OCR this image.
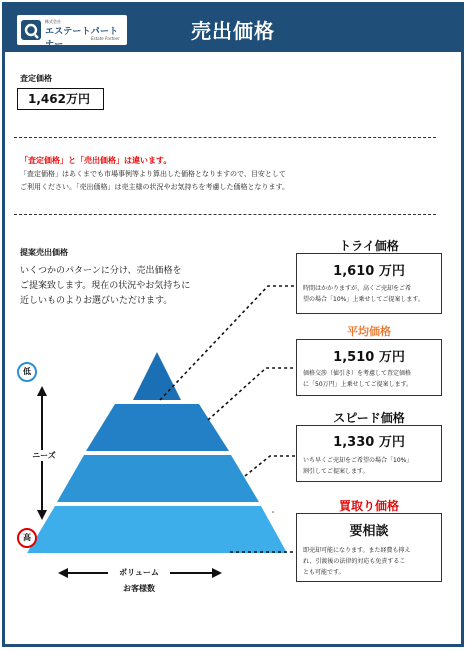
株式会社
エステートパートナー
Estate Partner	売出価格
査定価格
1,462万円
「査定価格」と「売出価格」は違います。
「査定価格」はあくまでも市場事例等より算出した価格となりますので、目安として
ご利用ください。「売出価格」は売主様の状況やお気持ちを考慮した価格となります。
提案売出価格
いくつかのパターンに分け、売出価格を
ご提案致します。現在の状況やお気持ちに
近しいものよりお選びいただけます。
低
高
ニーズ
ボリューム
お客様数
トライ価格
1,610 万円
時間はかかりますが、高くご売却をご希
望の場合「10%」上乗せしてご提案します。
平均価格
1,510 万円
価格交渉（値引き）を考慮して査定価格
に「50万円」上乗せしてご提案します。
スピード価格
1,330 万円
いち早くご売却をご希望の場合「10%」
割引してご提案します。
買取り価格
要相談
即売却可能になります。また経費も抑え
れ、引渡後の法律的対応も免責するこ
とも可能です。
